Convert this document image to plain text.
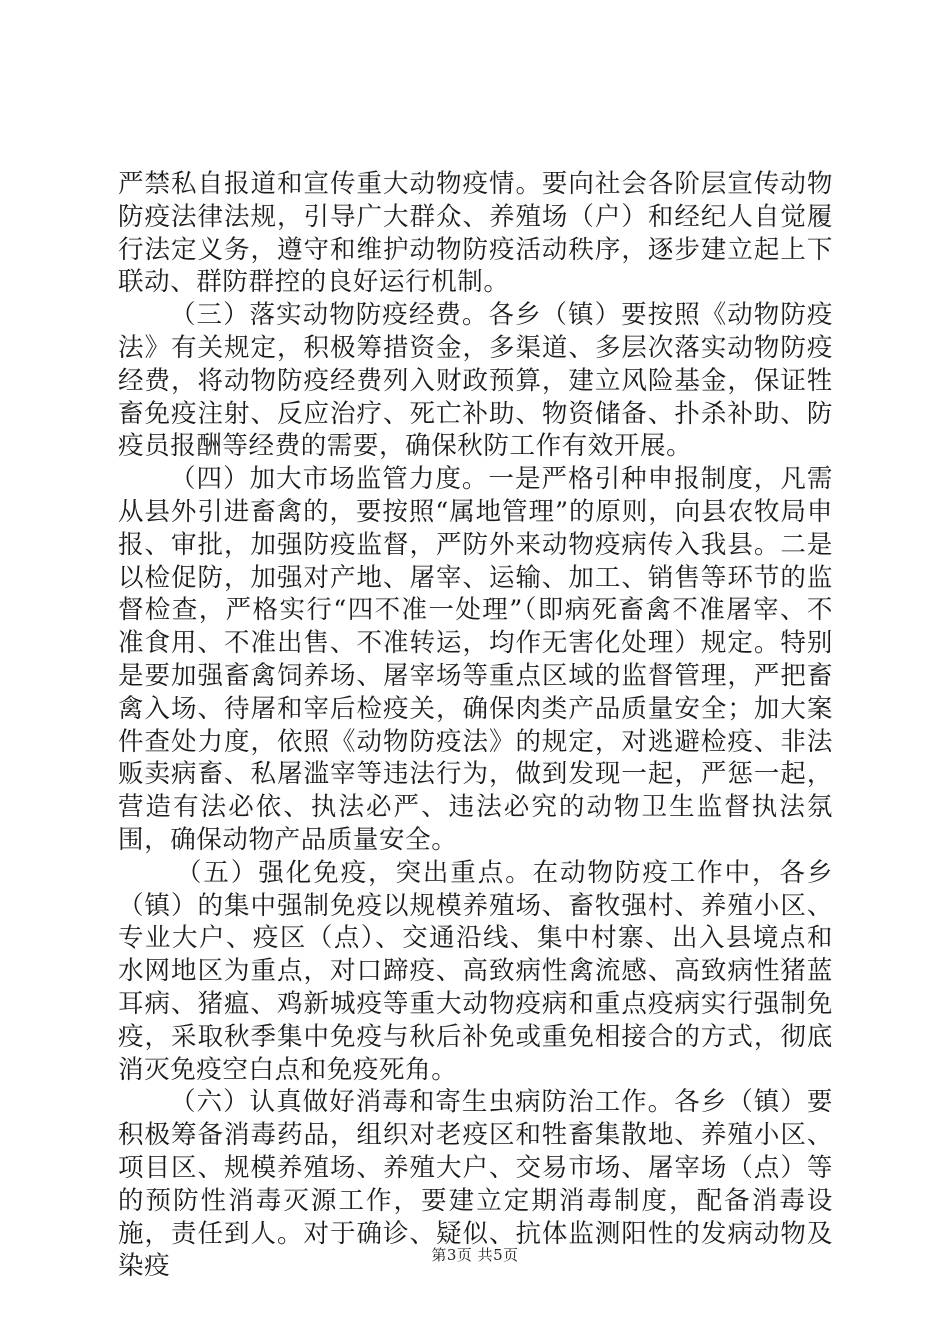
严禁私自报道和宣传重大动物疫情。要向社会各阶层宣传动物防疫法律法规，引导广大群众、养殖场（户）和经纪人自觉履行法定义务，遵守和维护动物防疫活动秩序，逐步建立起上下联动、群防群控的良好运行机制。

（三）落实动物防疫经费。各乡（镇）要按照《动物防疫法》有关规定，积极筹措资金，多渠道、多层次落实动物防疫经费，将动物防疫经费列入财政预算，建立风险基金，保证牲畜免疫注射、反应治疗、死亡补助、物资储备、扑杀补助、防疫员报酬等经费的需要，确保秋防工作有效开展。

（四）加大市场监管力度。一是严格引种申报制度，凡需从县外引进畜禽的，要按照“属地管理”的原则，向县农牧局申报、审批，加强防疫监督，严防外来动物疫病传入我县。二是以检促防，加强对产地、屠宰、运输、加工、销售等环节的监督检查，严格实行“四不准一处理”（即病死畜禽不准屠宰、不准食用、不准出售、不准转运，均作无害化处理）规定。特别是要加强畜禽饲养场、屠宰场等重点区域的监督管理，严把畜禽入场、待屠和宰后检疫关，确保肉类产品质量安全；加大案件查处力度，依照《动物防疫法》的规定，对逃避检疫、非法贩卖病畜、私屠滥宰等违法行为，做到发现一起，严惩一起，营造有法必依、执法必严、违法必究的动物卫生监督执法氛围，确保动物产品质量安全。

（五）强化免疫，突出重点。在动物防疫工作中，各乡（镇）的集中强制免疫以规模养殖场、畜牧强村、养殖小区、专业大户、疫区（点）、交通沿线、集中村寨、出入县境点和水网地区为重点，对口蹄疫、高致病性禽流感、高致病性猪蓝耳病、猪瘟、鸡新城疫等重大动物疫病和重点疫病实行强制免疫，采取秋季集中免疫与秋后补免或重免相接合的方式，彻底消灭免疫空白点和免疫死角。

（六）认真做好消毒和寄生虫病防治工作。各乡（镇）要积极筹备消毒药品，组织对老疫区和牲畜集散地、养殖小区、项目区、规模养殖场、养殖大户、交易市场、屠宰场（点）等的预防性消毒灭源工作，要建立定期消毒制度，配备消毒设施，责任到人。对于确诊、疑似、抗体监测阳性的发病动物及染疫	第3页 共5页
